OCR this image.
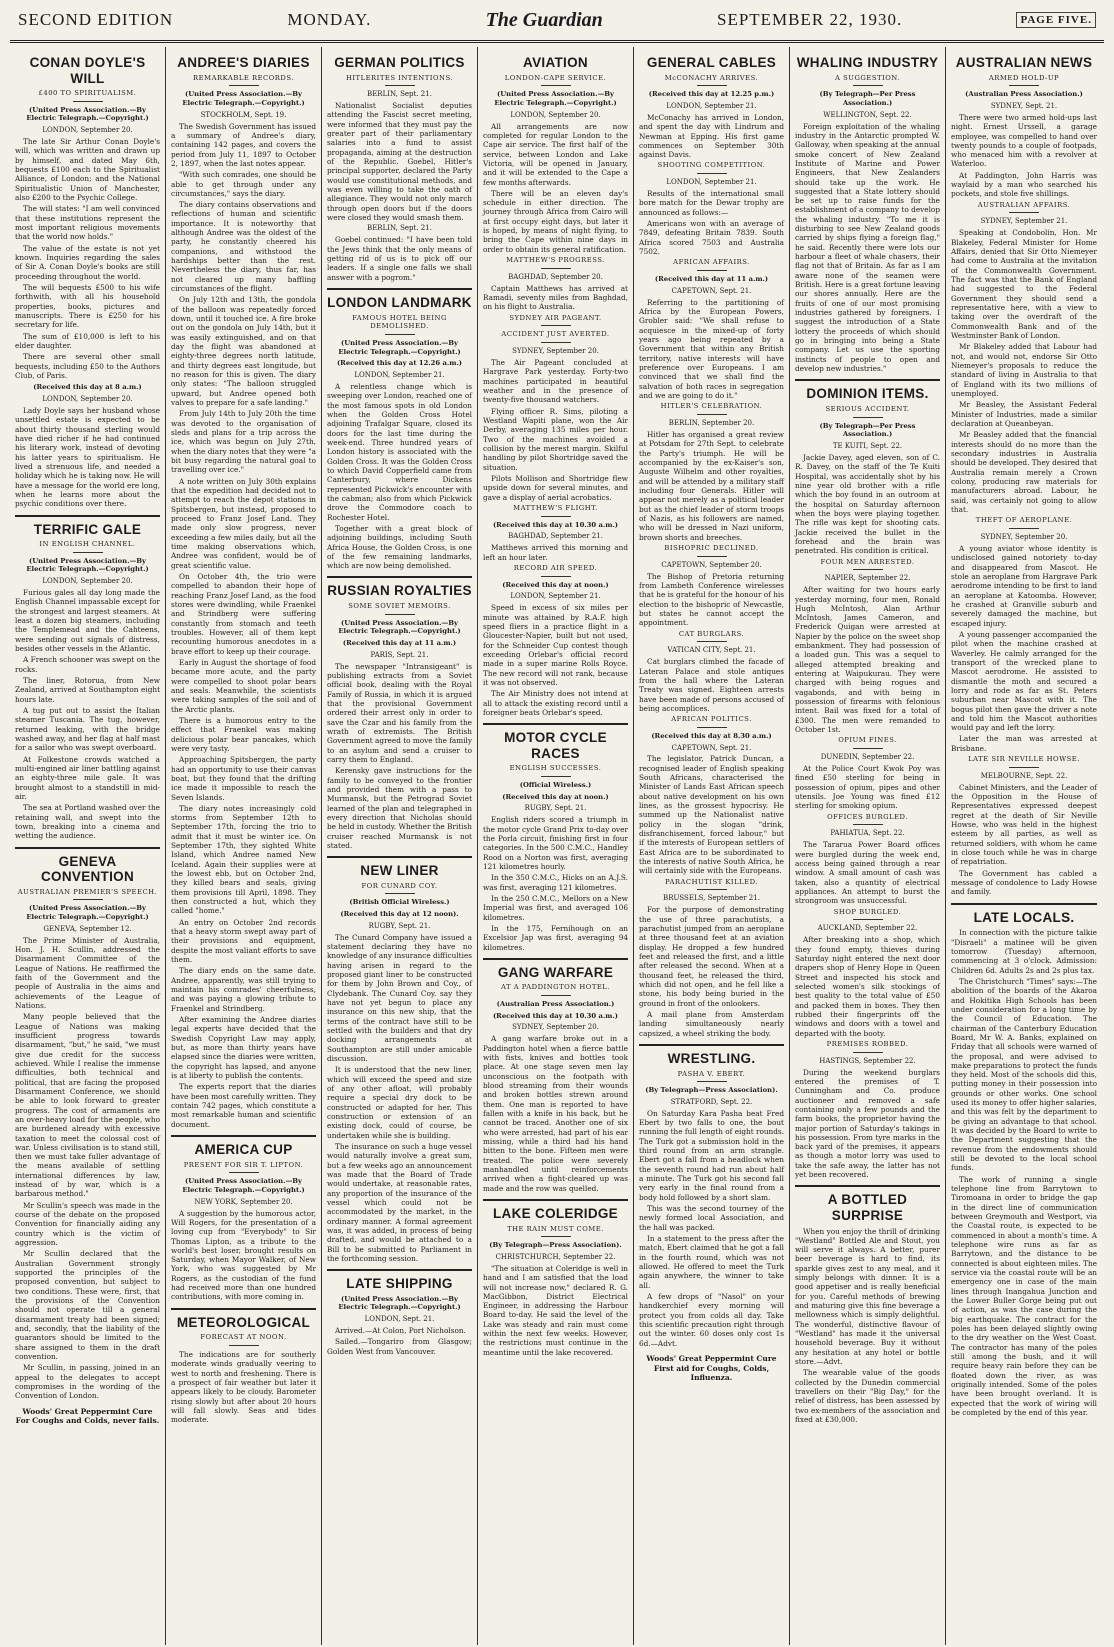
SECOND EDITION	MONDAY.	The Guardian	SEPTEMBER 22, 1930.	PAGE FIVE.
CONAN DOYLE'S WILL
£400 TO SPIRITUALISM.
(United Press Association.—By Electric Telegraph.—Copyright.)
LONDON, September 20.

The late Sir Arthur Conan Doyle's will, which was written and drawn up by himself, and dated May 6th, bequests £100 each to the Spiritualist Alliance, of London; and the National Spiritualistic Union of Manchester, also £200 to the Psychic College.

The will states: "I am well convinced that these institutions represent the most important religious movements that the world now holds."

The value of the estate is not yet known. Inquiries regarding the sales of Sir A. Conan Doyle's books are still proceeding throughout the world.

The will bequests £500 to his wife forthwith, with all his household properties, books, pictures and manuscripts. There is £250 for his secretary for life.

The sum of £10,000 is left to his elder daughter.

There are several other small bequests, including £50 to the Authors Club, of Paris.

(Received this day at 8 a.m.)
LONDON, September 20.

Lady Doyle says her husband whose unsettled estate is expected to be about thirty thousand sterling would have died richer if he had continued his literary work, instead of devoting his latter years to spiritualism. He lived a strenuous life, and needed a holiday which he is taking now. He will have a message for the world ere long, when he learns more about the psychic conditions over there.

TERRIFIC GALE
IN ENGLISH CHANNEL.
(United Press Association.—By Electric Telegraph.—Copyright.)
LONDON, September 20.

Furious gales all day long made the English Channel impassable except for the strongest and largest steamers. At least a dozen big steamers, including the Templemead and the Cahteens, were sending out signals of distress, besides other vessels in the Atlantic.

A French schooner was swept on the rocks.

The liner, Rotorua, from New Zealand, arrived at Southampton eight hours late.

A tug put out to assist the Italian steamer Tuscania. The tug, however, returned leaking, with the bridge washed away, and her flag at half mast for a sailor who was swept overboard.

At Folkestone crowds watched a multi-engined air liner battling against an eighty-three mile gale. It was brought almost to a standstill in mid-air.

The sea at Portland washed over the retaining wall, and swept into the town, breaking into a cinema and wetting the audience.

GENEVA CONVENTION
AUSTRALIAN PREMIER'S SPEECH.
(United Press Association.—By Electric Telegraph.—Copyright.)
GENEVA, September 12.

The Prime Minister of Australia, Hon. J. H. Scullin, addressed the Disarmament Committee of the League of Nations. He reaffirmed the faith of the Government and the people of Australia in the aims and achievements of the League of Nations.

Many people believed that the League of Nations was making insufficient progress towards disarmament, "but," he said, "we must give due credit for the success achieved. While I realise the immense difficulties, both technical and political, that are facing the proposed Disarmament Conference, we should be able to look forward to greater progress. The cost of armaments are an over-heavy load for the people, who are burdened already with excessive taxation to meet the colossal cost of war. Unless civilisation is to stand still, then we must take fuller advantage of the means available of settling international differences by law, instead of by war, which is a barbarous method."

Mr Scullin's speech was made in the course of the debate on the proposed Convention for financially aiding any country which is the victim of aggression.

Mr Scullin declared that the Australian Government strongly supported the principles of the proposed convention, but subject to two conditions. These were, first, that the provisions of the Convention should not operate till a general disarmament treaty had been signed; and, secondly, that the liability of the guarantors should be limited to the share assigned to them in the draft convention.

Mr Scullin, in passing, joined in an appeal to the delegates to accept compromises in the wording of the Convention of London.

Woods' Great Peppermint Cure For Coughs and Colds, never fails.
ANDREE'S DIARIES
REMARKABLE RECORDS.
(United Press Association.—By Electric Telegraph.—Copyright.)
STOCKHOLM, Sept. 19.

The Swedish Government has issued a summary of Andree's diary, containing 142 pages, and covers the period from July 11, 1897 to October 2, 1897, when the last notes appear.

"With such comrades, one should be able to get through under any circumstances," says the diary.

The diary contains observations and reflections of human and scientific importance. It is noteworthy that although Andree was the oldest of the party, he constantly cheered his companions, and withstood the hardships better than the rest. Nevertheless the diary, thus far, has not cleared up many baffling circumstances of the flight.

On July 12th and 13th, the gondola of the balloon was repeatedly forced down, until it touched ice. A fire broke out on the gondola on July 14th, but it was easily extinguished, and on that day the flight was abandoned at eighty-three degrees north latitude, and thirty degrees east longitude, but no reason for this is given. The diary only states: "The balloon struggled upward, but Andree opened both valves to prepare for a safe landing."

From July 14th to July 20th the time was devoted to the organisation of sleds and plans for a trip across the ice, which was begun on July 27th, when the diary notes that they were "a bit busy regarding the natural goal to travelling over ice."

A note written on July 30th explains that the expedition had decided not to attempt to reach the depot stations in Spitsbergen, but instead, proposed to proceed to Franz Josef Land. They made only slow progress, never exceeding a few miles daily, but all the time making observations which, Andree was confident, would be of great scientific value.

On October 4th, the trio were compelled to abandon their hope of reaching Franz Josef Land, as the food stores were dwindling, while Fraenkel and Strindberg were suffering constantly from stomach and teeth troubles. However, all of them kept recounting humorous anecdotes in a brave effort to keep up their courage.

Early in August the shortage of food became more acute, and the party were compelled to shoot polar bears and seals. Meanwhile, the scientists were taking samples of the soil and of the Arctic plants.

There is a humorous entry to the effect that Fraenkel was making delicious polar bear pancakes, which were very tasty.

Approaching Spitsbergen, the party had an opportunity to use their canvas boat, but they found that the drifting ice made it impossible to reach the Seven Islands.

The diary notes increasingly cold storms from September 12th to September 17th, forcing the trio to admit that it must be winter ice. On September 17th, they sighted White Island, which Andree named New Iceland. Again their supplies were at the lowest ebb, but on October 2nd, they killed bears and seals, giving them provisions till April, 1898. They then constructed a hut, which they called "home."

An entry on October 2nd records that a heavy storm swept away part of their provisions and equipment, despite the most valiant efforts to save them.

The diary ends on the same date. Andree, apparently, was still trying to maintain his comrades' cheerfulness, and was paying a glowing tribute to Fraenkel and Strindberg.

After examining the Andree diaries legal experts have decided that the Swedish Copyright Law may apply, but, as more than thirty years have elapsed since the diaries were written, the copyright has lapsed, and anyone is at liberty to publish the contents.

The experts report that the diaries have been most carefully written. They contain 742 pages, which constitute a most remarkable human and scientific document.

AMERICA CUP
PRESENT FOR SIR T. LIPTON.
(United Press Association.—By Electric Telegraph.—Copyright.)
NEW YORK, September 20.

A suggestion by the humorous actor, Will Rogers, for the presentation of a loving cup from "Everybody" to Sir Thomas Lipton, as a tribute to the world's best loser, brought results on Saturday, when Mayor Walker, of New York, who was suggested by Mr Rogers, as the custodian of the fund had received more than one hundred contributions, with more coming in.

METEOROLOGICAL
FORECAST AT NOON.

The indications are for southerly moderate winds gradually veering to west to north and freshening. There is a prospect of fair weather but later it appears likely to be cloudy. Barometer rising slowly but after about 20 hours will fall slowly. Seas and tides moderate.

GERMAN POLITICS
HITLERITES INTENTIONS.
BERLIN, Sept. 21.

Nationalist Socialist deputies attending the Fascist secret meeting, were informed that they must pay the greater part of their parliamentary salaries into a fund to assist propaganda, aiming at the destruction of the Republic. Goebel, Hitler's principal supporter, declared the Party would use constitutional methods, and was even willing to take the oath of allegiance. They would not only march through open doors but if the doors were closed they would smash them.

BERLIN, Sept. 21.

Goebel continued: "I have been told the Jews think that the only means of getting rid of us is to pick off our leaders. If a single one falls we shall answer with a pogrom."

LONDON LANDMARK
FAMOUS HOTEL BEING DEMOLISHED.
(United Press Association.—By Electric Telegraph.—Copyright.)
(Received this day at 12.26 a.m.)
LONDON, September 21.

A relentless change which is sweeping over London, reached one of the most famous spots in old London when the Golden Cross Hotel adjoining Trafalgar Square, closed its doors for the last time during the week-end. Three hundred years of London history is associated with the Golden Cross. It was the Golden Cross to which David Copperfield came from Canterbury, where Dickens represented Pickwick's encounter with the cabman; also from which Pickwick drove the Commodore coach to Rochester Hotel.

Together with a great block of adjoining buildings, including South Africa House, the Golden Cross, is one of the few remaining landmarks, which are now being demolished.

RUSSIAN ROYALTIES
SOME SOVIET MEMOIRS.
(United Press Association.—By Electric Telegraph.—Copyright.)
(Received this day at 11 a.m.)
PARIS, Sept. 21.

The newspaper "Intransigeant" is publishing extracts from a Soviet official book, dealing with the Royal Family of Russia, in which it is argued that the provisional Government ordered their arrest only in order to save the Czar and his family from the wrath of extremists. The British Government agreed to move the family to an asylum and send a cruiser to carry them to England.

Kerensky gave instructions for the family to be conveyed to the frontier and provided them with a pass to Murmansk, but the Petrograd Soviet learned of the plan and telegraphed in every direction that Nicholas should be held in custody. Whether the British cruiser reached Murmansk is not stated.

NEW LINER
FOR CUNARD COY.
(British Official Wireless.)
(Received this day at 12 noon).
RUGBY, Sept. 21.

The Cunard Company have issued a statement declaring they have no knowledge of any insurance difficulties having arisen in regard to the proposed giant liner to be constructed for them by John Brown and Coy., of Clydebank. The Cunard Coy. say they have not yet begun to place any insurance on this new ship, that the terms of the contract have still to be settled with the builders and that dry docking arrangements at Southampton are still under amicable discussion.

It is understood that the new liner, which will exceed the speed and size of any other afloat, will probably require a special dry dock to be constructed or adapted for her. This construction or extension of an existing dock, could of course, be undertaken while she is building.

The insurance on such a huge vessel would naturally involve a great sum, but a few weeks ago an announcement was made that the Board of Trade would undertake, at reasonable rates, any proportion of the insurance of the vessel which could not be accommodated by the market, in the ordinary manner. A formal agreement was, it was added, in process of being drafted, and would be attached to a Bill to be submitted to Parliament in the forthcoming session.

LATE SHIPPING
(United Press Association.—By Electric Telegraph.—Copyright.)
LONDON, Sept. 21.

Arrived.—At Colon, Port Nicholson.

Sailed.—Tongariro from Glasgow; Golden West from Vancouver.

AVIATION
LONDON-CAPE SERVICE.
(United Press Association.—By Electric Telegraph.—Copyright.)
LONDON, September 20.

All arrangements are now completed for regular London to the Cape air service. The first half of the service, between London and Lake Victoria, will be opened in January, and it will be extended to the Cape a few months afterwards.

There will be an eleven day's schedule in either direction. The journey through Africa from Cairo will at first occupy eight days, but later it is hoped, by means of night flying, to bring the Cape within nine days in order to obtain its general ratification.

MATTHEW'S PROGRESS.
BAGHDAD, September 20.

Captain Matthews has arrived at Ramadi, seventy miles from Baghdad, on his flight to Australia.

SYDNEY AIR PAGEANT.
ACCIDENT JUST AVERTED.
SYDNEY, September 20.

The Air Pageant concluded at Hargrave Park yesterday. Forty-two machines participated in beautiful weather and in the presence of twenty-five thousand watchers.

Flying officer R. Sims, piloting a Westland Wapiti plane, won the Air Derby, averaging 135 miles per hour. Two of the machines avoided a collision by the merest margin. Skilful handling by pilot Shortridge saved the situation.

Pilots Mollison and Shortridge flew upside down for several minutes, and gave a display of aerial acrobatics.

MATTHEW'S FLIGHT.
(Received this day at 10.30 a.m.)
BAGHDAD, September 21.

Matthews arrived this morning and left an hour later.

RECORD AIR SPEED.
(Received this day at noon.)
LONDON, September 21.

Speed in excess of six miles per minute was attained by R.A.F. high speed fliers in a practice flight in a Gloucester-Napier, built but not used, for the Schneider Cup contest though exceeding Orlebar's official record made in a super marine Rolls Royce. The new record will not rank, because it was not observed.

The Air Ministry does not intend at all to attack the existing record until a foreigner beats Orlebar's speed.

MOTOR CYCLE RACES
ENGLISH SUCCESSES.
(Official Wireless.)
(Received this day at noon.)
RUGBY, Sept. 21.

English riders scored a triumph in the motor cycle Grand Prix to-day over the Porla circuit, finishing first in four categories. In the 500 C.M.C., Handley Rood on a Norton was first, averaging 121 kilometres hourly.

In the 350 C.M.C., Hicks on an A.J.S. was first, averaging 121 kilometres.

In the 250 C.M.C., Mellors on a New Imperial was first, and averaged 106 kilometres.

In the 175, Fernihough on an Excelsior Jap was first, averaging 94 kilometres.

GANG WARFARE
AT A PADDINGTON HOTEL.
(Australian Press Association.)
(Received this day at 10.30 a.m.)
SYDNEY, September 20.

A gang warfare broke out in a Paddington hotel when a fierce battle with fists, knives and bottles took place. At one stage seven men lay unconscious on the footpath with blood streaming from their wounds and broken bottles strewn around them. One man is reported to have fallen with a knife in his back, but he cannot be traced. Another one of six who were arrested, had part of his ear missing, while a third had his hand bitten to the bone. Fifteen men were treated. The police were severely manhandled until reinforcements arrived when a fight-cleared up was made and the row was quelled.

LAKE COLERIDGE
THE RAIN MUST COME.
(By Telegraph—Press Association).
CHRISTCHURCH, September 22.

"The situation at Coleridge is well in hand and I am satisfied that the load will not increase now," declared R. G. MacGibbon, District Electrical Engineer, in addressing the Harbour Board to-day. He said the level of the Lake was steady and rain must come within the next few weeks. However, the restrictions must continue in the meantime until the lake recovered.

GENERAL CABLES
McCONACHY ARRIVES.
(Received this day at 12.25 p.m.)
LONDON, September 21.

McConachy has arrived in London, and spent the day with Lindrum and Newman at Epping. His first game commences on September 30th against Davis.

SHOOTING COMPETITION.
LONDON, September 21.

Results of the international small bore match for the Dewar trophy are announced as follows:—

Americans won with an average of 7849, defeating Britain 7839. South Africa scored 7503 and Australia 7502.

AFRICAN AFFAIRS.
(Received this day at 11 a.m.)
CAPETOWN, Sept. 21.

Referring to the partitioning of Africa by the European Powers, Grobler said: "We shall refuse to acquiesce in the mixed-up of forty years ago being repeated by a Government that within any British territory, native interests will have preference over Europeans. I am convinced that we shall find the salvation of both races in segregation and we are going to do it."

HITLER'S CELEBRATION.
BERLIN, September 20.

Hitler has organised a great review at Potsdam for 27th Sept. to celebrate the Party's triumph. He will be accompanied by the ex-Kaiser's son, Auguste Wilhelm and other royalties, and will be attended by a military staff including four Generals. Hitler will appear not merely as a political leader but as the chief leader of storm troops of Nazis, as his followers are named, who will be dressed in Nazi uniform, brown shorts and breeches.

BISHOPRIC DECLINED.
CAPETOWN, September 20.

The Bishop of Pretoria returning from Lambeth Conference wirelesses that he is grateful for the honour of his election to the bishopric of Newcastle, but states he cannot accept the appointment.

CAT BURGLARS.
VATICAN CITY, Sept. 21.

Cat burglars climbed the facade of Lateran Palace and stole antiques from the hall where the Lateran Treaty was signed. Eighteen arrests have been made of persons accused of being accomplices.

AFRICAN POLITICS.
(Received this day at 8.30 a.m.)
CAPETOWN, Sept. 21.

The legislator, Patrick Duncan, a recognised leader of English speaking South Africans, characterised the Minister of Lands East African speech about native development on his own lines, as the grossest hypocrisy. He summed up the Nationalist native policy in the slogan "drink, disfranchisement, forced labour," but if the interests of European settlers of East Africa are to be subordinated to the interests of native South Africa, he will certainly side with the Europeans.

PARACHUTIST KILLED.
BRUSSELS, September 21.

For the purpose of demonstrating the use of three parachutists, a parachutist jumped from an aeroplane at three thousand feet at an aviation display. He dropped a few hundred feet and released the first, and a little after released the second. When at a thousand feet, he released the third, which did not open, and he fell like a stone, his body being buried in the ground in front of the onlookers.

A mail plane from Amsterdam landing simultaneously nearly capsized, a wheel striking the body.

WRESTLING.
PASHA V. EBERT.
(By Telegraph—Press Association).
STRATFORD, Sept. 22.

On Saturday Kara Pasha beat Fred Ebert by two falls to one, the bout running the full length of eight rounds. The Turk got a submission hold in the third round from an arm strangle. Ebert got a fall from a headlock when the seventh round had run about half a minute. The Turk got his second fall very early in the final round from a body hold followed by a short slam.

This was the second tourney of the newly formed local Association, and the hall was packed.

In a statement to the press after the match, Ebert claimed that he got a fall in the fourth round, which was not allowed. He offered to meet the Turk again anywhere, the winner to take all.

A few drops of "Nasol" on your handkerchief every morning will protect you from colds all day. Take this scientific precaution right through out the winter. 60 doses only cost 1s 6d.—Advt.

Woods' Great Peppermint Cure First aid for Coughs, Colds, Influenza.
WHALING INDUSTRY
A SUGGESTION.
(By Telegraph—Per Press Association.)
WELLINGTON, Sept. 22.

Foreign exploitation of the whaling industry in the Antarctic prompted W. Galloway, when speaking at the annual smoke concert of New Zealand Institute of Marine and Power Engineers, that New Zealanders should take up the work. He suggested that a State lottery should be set up to raise funds for the establishment of a company to develop the whaling industry. "To me it is disturbing to see New Zealand goods carried by ships flying a foreign flag," he said. Recently there were lots our harbour a fleet of whale chasers, their flag not that of Britain. As far as I am aware none of the seamen were British. Here is a great fortune leaving our shores annually. Here are the fruits of one of our most promising industries gathered by foreigners. I suggest the introduction of a State lottery the proceeds of which should go in bringing into being a State company. Let us use the sporting instincts of people to open and develop new industries."

DOMINION ITEMS.
SERIOUS ACCIDENT.
(By Telegraph—Per Press Association.)
TE KUITI, Sept. 22.

Jackie Davey, aged eleven, son of C. R. Davey, on the staff of the Te Kuiti Hospital, was accidentally shot by his nine year old brother with a rifle which the boy found in an outroom at the hospital on Saturday afternoon when the boys were playing together. The rifle was kept for shooting cats. Jackie received the bullet in the forehead and the brain was penetrated. His condition is critical.

FOUR MEN ARRESTED.
NAPIER, September 22.

After waiting for two hours early yesterday morning, four men, Ronald Hugh McIntosh, Alan Arthur McIntosh, James Cameron, and Frederick Quigan were arrested at Napier by the police on the sweet shop embankment. They had possession of a loaded gun. This was a sequel to alleged attempted breaking and entering at Waipukurau. They were charged with being rogues and vagabonds, and with being in possession of firearms with felonious intent. Bail was fixed for a total of £300. The men were remanded to October 1st.

OPIUM FINES.
DUNEDIN, September 22.

At the Police Court Kwok Poy was fined £50 sterling for being in possession of opium, pipes and other utensils. Joe Young was fined £12 sterling for smoking opium.

OFFICES BURGLED.
PAHIATUA, Sept. 22.

The Tararua Power Board offices were burgled during the week end, access being gained through a rear window. A small amount of cash was taken, also a quantity of electrical appliances. An attempt to burst the strongroom was unsuccessful.

SHOP BURGLED.
AUCKLAND, September 22.

After breaking into a shop, which they found empty, thieves during Saturday night entered the next door drapers shop of Henry Hope in Queen Street and inspected his stock and selected women's silk stockings of best quality to the total value of £50 and packed them in boxes. They then rubbed their fingerprints off the windows and doors with a towel and departed with the booty.

PREMISES ROBBED.
HASTINGS, September 22.

During the weekend burglars entered the premises of T. Cunningham and Co. produce auctioneer and removed a safe containing only a few pounds and the farm books, the proprietor having the major portion of Saturday's takings in his possession. From tyre marks in the back yard of the premises, it appears as though a motor lorry was used to take the safe away, the latter has not yet been recovered.

A BOTTLED SURPRISE

When you enjoy the thrill of drinking "Westland" Bottled Ale and Stout, you will serve it always. A better, purer beer beverage is hard to find, its sparkle gives zest to any meal, and it simply belongs with dinner. It is a good appetiser and is really beneficial for you. Careful methods of brewing and maturing give this fine beverage a mellowness which is simply delightful. The wonderful, distinctive flavour of "Westland" has made it the universal household beverage. Buy it without any hesitation at any hotel or bottle store.—Advt.

The wearable value of the goods collected by the Dunedin commercial travellers on their "Big Day," for the relief of distress, has been assessed by two ex-members of the association and fixed at £30,000.

AUSTRALIAN NEWS
ARMED HOLD-UP
(Australian Press Association.)
SYDNEY, Sept. 21.

There were two armed hold-ups last night. Ernest Urssell, a garage employee, was compelled to hand over twenty pounds to a couple of footpads, who menaced him with a revolver at Waterloo.

At Paddington, John Harris was waylaid by a man who searched his pockets, and stole five shillings.

AUSTRALIAN AFFAIRS.
SYDNEY, September 21.

Speaking at Condobolin, Hon. Mr Blakeley, Federal Minister for Home Affairs, denied that Sir Otto Niemeyer had come to Australia at the invitation of the Commonwealth Government. The fact was that the Bank of England had suggested to the Federal Government they should send a representative here, with a view to taking over the overdraft of the Commonwealth Bank and of the Westminster Bank of London.

Mr Blakeley added that Labour had not, and would not, endorse Sir Otto Niemeyer's proposals to reduce the standard of living in Australia to that of England with its two millions of unemployed.

Mr Beasley, the Assistant Federal Minister of Industries, made a similar declaration at Queanbeyan.

Mr Beasley added that the financial interests should do no more than the secondary industries in Australia should be developed. They desired that Australia remain merely a Crown colony, producing raw materials for manufacturers abroad. Labour, he said, was certainly not going to allow that.

THEFT OF AEROPLANE.
SYDNEY, September 20.

A young aviator whose identity is undisclosed gained notoriety to-day and disappeared from Mascot. He stole an aeroplane from Hargrave Park aerodrome intending to be first to land an aeroplane at Katoomba. However, he crashed at Granville suburb and severely damaged the machine, but escaped injury.

A young passenger accompanied the pilot when the machine crashed at Waverley. He calmly arranged for the transport of the wrecked plane to Mascot aerodrome. He assisted to dismantle the moth and secured a lorry and rode as far as St. Peters suburban near Mascot with it. The bogus pilot then gave the driver a note and told him the Mascot authorities would pay and left the lorry.

Later the man was arrested at Brisbane.

LATE SIR NEVILLE HOWSE.
MELBOURNE, Sept. 22.

Cabinet Ministers, and the Leader of the Opposition in the House of Representatives expressed deepest regret at the death of Sir Neville Howse, who was held in the highest esteem by all parties, as well as returned soldiers, with whom he came in close touch while he was in charge of repatriation.

The Government has cabled a message of condolence to Lady Howse and family.

LATE LOCALS.

In connection with the picture talkie "Disraeli" a matinee will be given tomorrow (Tuesday) afternoon, commencing at 3 o'clock. Admission: Children 6d. Adults 2s and 2s plus tax.

The Christchurch "Times" says:—The abolition of the boards of the Akaroa and Hokitika High Schools has been under consideration for a long time by the Council of Education. The chairman of the Canterbury Education Board, Mr W. A. Banks, explained on Friday that all schools were warned of the proposal, and were advised to make preparations to protect the funds they held. Most of the schools did this, putting money in their possession into grounds or other works. One school used its money to offer higher salaries, and this was felt by the department to be giving an advantage to that school. It was decided by the Board to write to the Department suggesting that the revenue from the endowments should still be devoted to the local school funds.

The work of running a single telephone line from Barrytown to Tiromoana in order to bridge the gap in the direct line of communication between Greymouth and Westport, via the Coastal route, is expected to be commenced in about a month's time. A telephone wire runs as far as Barrytown, and the distance to be connected is about eighteen miles. The service via the coastal route will be an emergency one in case of the main lines through Inangahua Junction and the Lower Buller Gorge being put out of action, as was the case during the big earthquake. The contract for the poles has been delayed slightly owing to the dry weather on the West Coast. The contractor has many of the poles still among the bush, and it will require heavy rain before they can be floated down the river, as was originally intended. Some of the poles have been brought overland. It is expected that the work of wiring will be completed by the end of this year.
